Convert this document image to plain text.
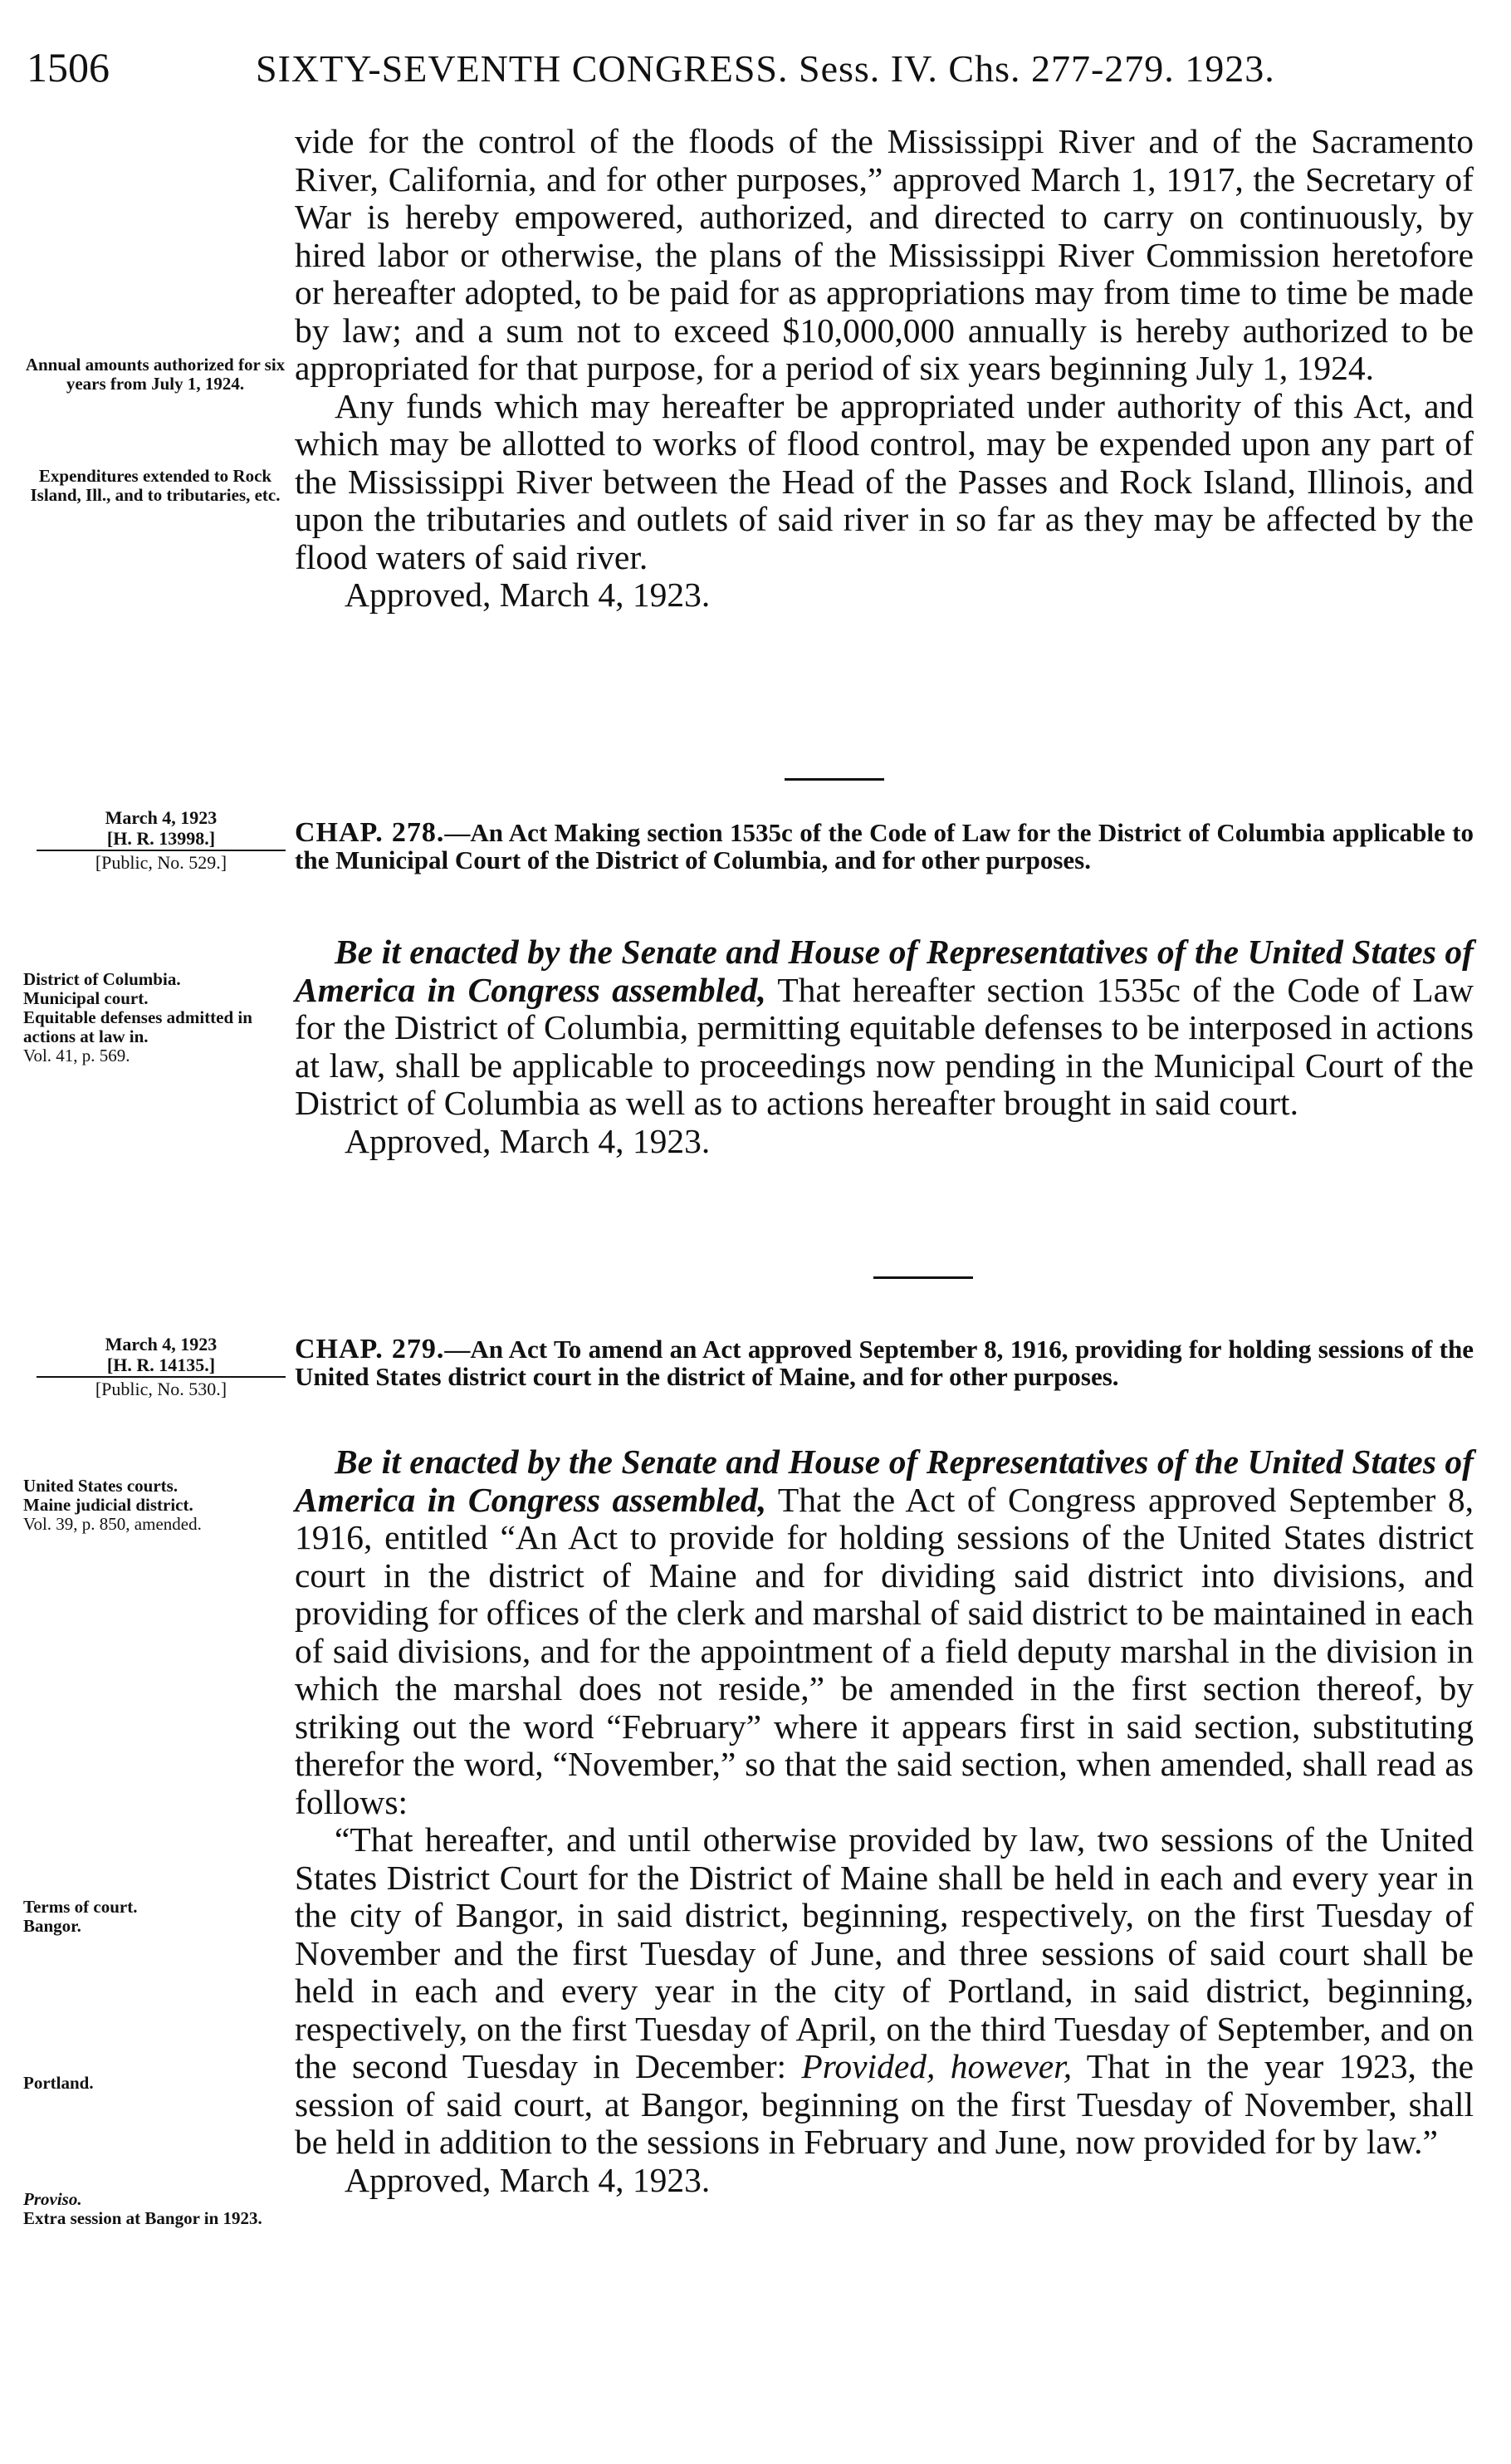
1506	SIXTY-SEVENTH CONGRESS. Sess. IV. Chs. 277-279. 1923.

vide for the control of the floods of the Mississippi River and of the Sacramento River, California, and for other purposes,” approved March 1, 1917, the Secretary of War is hereby empowered, authorized, and directed to carry on continuously, by hired labor or otherwise, the plans of the Mississippi River Commission heretofore or hereafter adopted, to be paid for as appropriations may from time to time be made by law; and a sum not to exceed $10,000,000 annually is hereby authorized to be appropriated for that purpose, for a period of six years beginning July 1, 1924.

Any funds which may hereafter be appropriated under authority of this Act, and which may be allotted to works of flood control, may be expended upon any part of the Mississippi River between the Head of the Passes and Rock Island, Illinois, and upon the tributaries and outlets of said river in so far as they may be affected by the flood waters of said river.

Approved, March 4, 1923.

Annual amounts authorized for six years from July 1, 1924.
Expenditures extended to Rock Island, Ill., and to tributaries, etc.
March 4, 1923
[H. R. 13998.]
[Public, No. 529.]
CHAP. 278.—An Act Making section 1535c of the Code of Law for the District of Columbia applicable to the Municipal Court of the District of Columbia, and for other purposes.

Be it enacted by the Senate and House of Representatives of the United States of America in Congress assembled, That hereafter section 1535c of the Code of Law for the District of Columbia, permitting equitable defenses to be interposed in actions at law, shall be applicable to proceedings now pending in the Municipal Court of the District of Columbia as well as to actions hereafter brought in said court.

Approved, March 4, 1923.

District of Columbia.
Municipal court.
Equitable defenses admitted in actions at law in.
Vol. 41, p. 569.
March 4, 1923
[H. R. 14135.]
[Public, No. 530.]
CHAP. 279.—An Act To amend an Act approved September 8, 1916, providing for holding sessions of the United States district court in the district of Maine, and for other purposes.

Be it enacted by the Senate and House of Representatives of the United States of America in Congress assembled, That the Act of Congress approved September 8, 1916, entitled “An Act to provide for holding sessions of the United States district court in the district of Maine and for dividing said district into divisions, and providing for offices of the clerk and marshal of said district to be maintained in each of said divisions, and for the appointment of a field deputy marshal in the division in which the marshal does not reside,” be amended in the first section thereof, by striking out the word “February” where it appears first in said section, substituting therefor the word, “November,” so that the said section, when amended, shall read as follows:

“That hereafter, and until otherwise provided by law, two sessions of the United States District Court for the District of Maine shall be held in each and every year in the city of Bangor, in said district, beginning, respectively, on the first Tuesday of November and the first Tuesday of June, and three sessions of said court shall be held in each and every year in the city of Portland, in said district, beginning, respectively, on the first Tuesday of April, on the third Tuesday of September, and on the second Tuesday in December: Provided, however, That in the year 1923, the session of said court, at Bangor, beginning on the first Tuesday of November, shall be held in addition to the sessions in February and June, now provided for by law.”

Approved, March 4, 1923.

United States courts.
Maine judicial district.
Vol. 39, p. 850, amended.
Terms of court.
Bangor.
Portland.
Proviso.
Extra session at Bangor in 1923.
